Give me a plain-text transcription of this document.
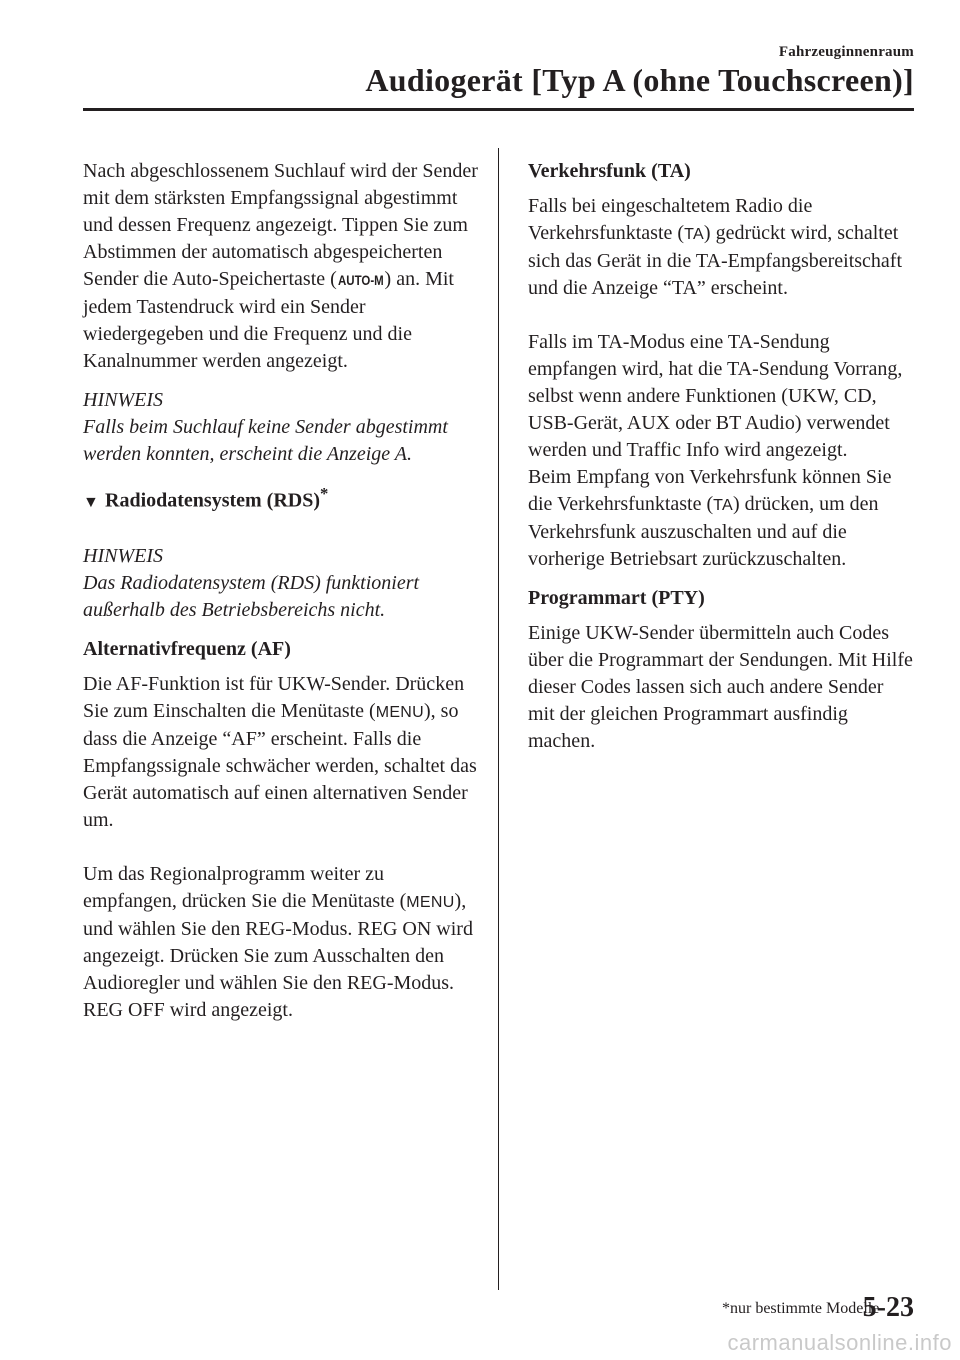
Fahrzeuginnenraum
Audiogerät [Typ A (ohne Touchscreen)]

Nach abgeschlossenem Suchlauf wird der Sender mit dem stärksten Empfangssignal abgestimmt und dessen Frequenz angezeigt. Tippen Sie zum Abstimmen der automatisch abgespeicherten Sender die Auto-Speichertaste (AUTO-M) an. Mit jedem Tastendruck wird ein Sender wiedergegeben und die Frequenz und die Kanalnummer werden angezeigt.

HINWEIS

Falls beim Suchlauf keine Sender abgestimmt werden konnten, erscheint die Anzeige A.

▼ Radiodatensystem (RDS)*

HINWEIS

Das Radiodatensystem (RDS) funktioniert außerhalb des Betriebsbereichs nicht.

Alternativfrequenz (AF)

Die AF-Funktion ist für UKW-Sender. Drücken Sie zum Einschalten die Menütaste (MENU), so dass die Anzeige “AF” erscheint. Falls die Empfangssignale schwächer werden, schaltet das Gerät automatisch auf einen alternativen Sender um.

Um das Regionalprogramm weiter zu empfangen, drücken Sie die Menütaste (MENU), und wählen Sie den REG-Modus. REG ON wird angezeigt. Drücken Sie zum Ausschalten den Audioregler und wählen Sie den REG-Modus. REG OFF wird angezeigt.

Verkehrsfunk (TA)

Falls bei eingeschaltetem Radio die Verkehrsfunktaste (TA) gedrückt wird, schaltet sich das Gerät in die TA-Empfangsbereitschaft und die Anzeige “TA” erscheint.

Falls im TA-Modus eine TA-Sendung empfangen wird, hat die TA-Sendung Vorrang, selbst wenn andere Funktionen (UKW, CD, USB-Gerät, AUX oder BT Audio) verwendet werden und Traffic Info wird angezeigt.

Beim Empfang von Verkehrsfunk können Sie die Verkehrsfunktaste (TA) drücken, um den Verkehrsfunk auszuschalten und auf die vorherige Betriebsart zurückzuschalten.

Programmart (PTY)

Einige UKW-Sender übermitteln auch Codes über die Programmart der Sendungen. Mit Hilfe dieser Codes lassen sich auch andere Sender mit der gleichen Programmart ausfindig machen.

*nur bestimmte Modelle
5-23
carmanualsonline.info
